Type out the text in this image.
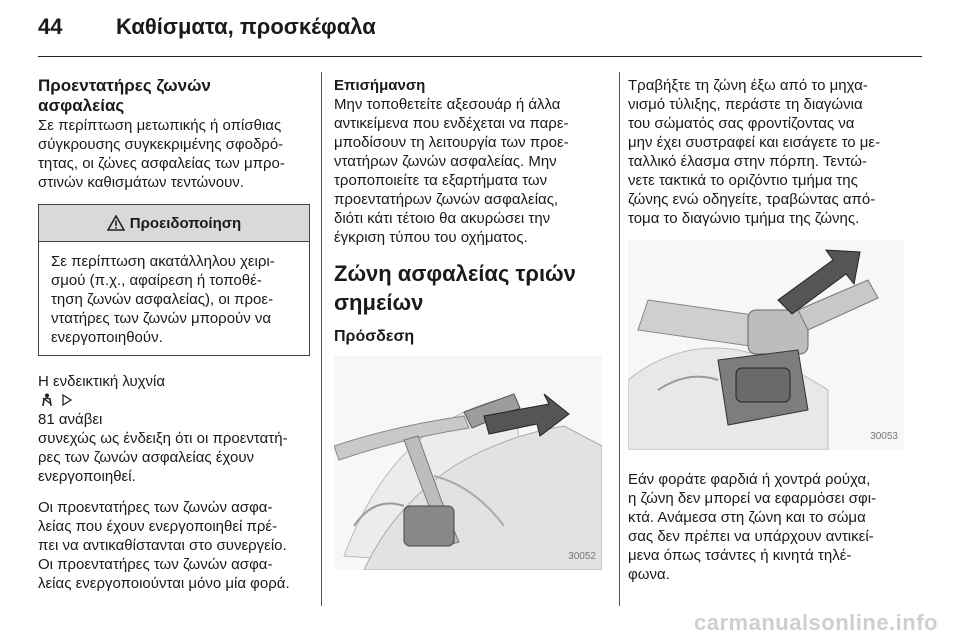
44	Καθίσματα, προσκέφαλα
Προεντατήρες ζωνών
ασφαλείας

Σε περίπτωση μετωπικής ή οπίσθιας
σύγκρουσης συγκεκριμένης σφοδρό-
τητας, οι ζώνες ασφαλείας των μπρο-
στινών καθισμάτων τεντώνουν.

Προειδοποίηση
Σε περίπτωση ακατάλληλου χειρι-
σμού (π.χ., αφαίρεση ή τοποθέ-
τηση ζωνών ασφαλείας), οι προε-
ντατήρες των ζωνών μπορούν να
ενεργοποιηθούν.

Η ενδεικτική λυχνία

81 ανάβει
συνεχώς ως ένδειξη ότι οι προεντατή-
ρες των ζωνών ασφαλείας έχουν
ενεργοποιηθεί.

Οι προεντατήρες των ζωνών ασφα-
λείας που έχουν ενεργοποιηθεί πρέ-
πει να αντικαθίστανται στο συνεργείο.
Οι προεντατήρες των ζωνών ασφα-
λείας ενεργοποιούνται μόνο μία φορά.

Επισήμανση
Μην τοποθετείτε αξεσουάρ ή άλλα
αντικείμενα που ενδέχεται να παρε-
μποδίσουν τη λειτουργία των προε-
ντατήρων ζωνών ασφαλείας. Μην
τροποποιείτε τα εξαρτήματα των
προεντατήρων ζωνών ασφαλείας,
διότι κάτι τέτοιο θα ακυρώσει την
έγκριση τύπου του οχήματος.

Ζώνη ασφαλείας τριών
σημείων
Πρόσδεση
30052

Τραβήξτε τη ζώνη έξω από το μηχα-
νισμό τύλιξης, περάστε τη διαγώνια
του σώματός σας φροντίζοντας να
μην έχει συστραφεί και εισάγετε το με-
ταλλικό έλασμα στην πόρπη. Τεντώ-
νετε τακτικά το οριζόντιο τμήμα της
ζώνης ενώ οδηγείτε, τραβώντας από-
τομα το διαγώνιο τμήμα της ζώνης.

30053

Εάν φοράτε φαρδιά ή χοντρά ρούχα,
η ζώνη δεν μπορεί να εφαρμόσει σφι-
κτά. Ανάμεσα στη ζώνη και το σώμα
σας δεν πρέπει να υπάρχουν αντικεί-
μενα όπως τσάντες ή κινητά τηλέ-
φωνα.

carmanualsonline.info
